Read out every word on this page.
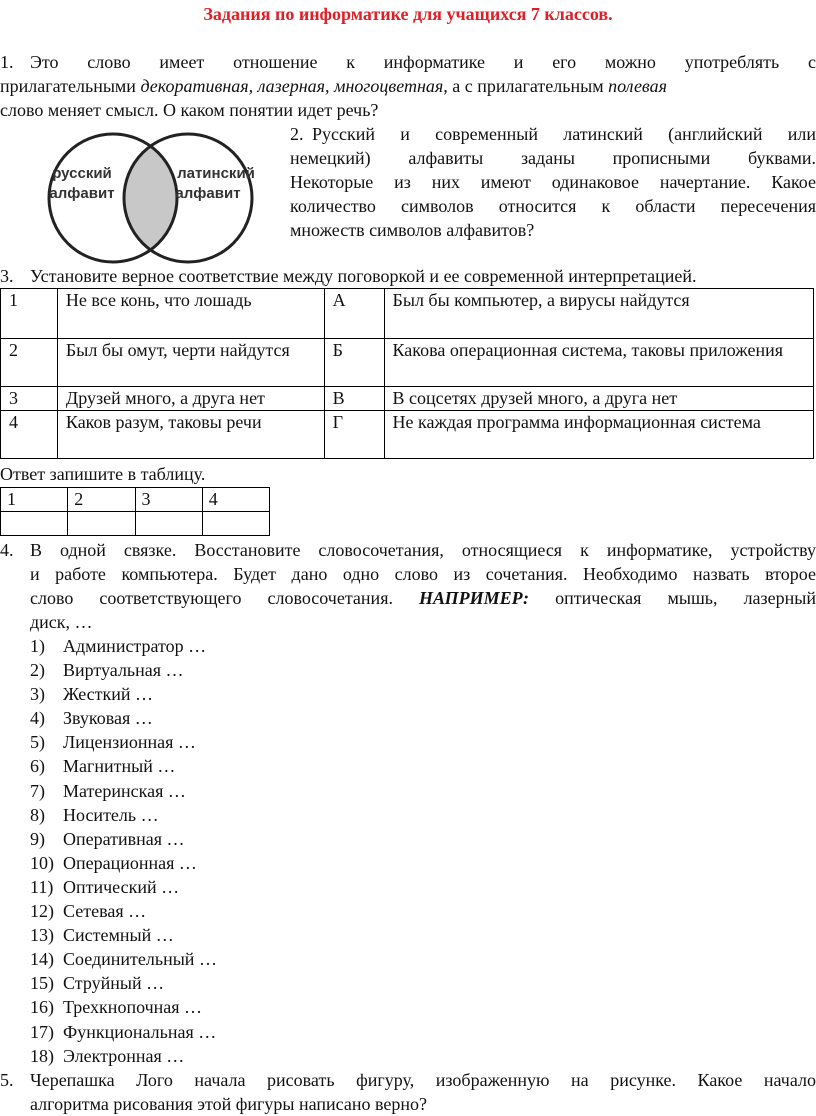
Задания по информатике для учащихся 7 классов.
1. Это слово имеет отношение к информатике и его можно употреблять с
прилагательными декоративная, лазерная, многоцветная, а с прилагательным полевая
слово меняет смысл. О каком понятии идет речь?
русский
алфавит
латинский
алфавит
2. Русский и современный латинский (английский или
немецкий) алфавиты заданы прописными буквами.
Некоторые из них имеют одинаковое начертание. Какое
количество символов относится к области пересечения
множеств символов алфавитов?
3. Установите верное соответствие между поговоркой и ее современной интерпретацией.
1	Не все конь, что лошадь	А	Был бы компьютер, а вирусы найдутся
2	Был бы омут, черти найдутся	Б	Какова операционная система, таковы приложения
3	Друзей много, а друга нет	В	В соцсетях друзей много, а друга нет
4	Каков разум, таковы речи	Г	Не каждая программа информационная система
Ответ запишите в таблицу.
1	2	3	4

4. В одной связке. Восстановите словосочетания, относящиеся к информатике, устройству
и работе компьютера. Будет дано одно слово из сочетания. Необходимо назвать второе
слово соответствующего словосочетания. НАПРИМЕР: оптическая мышь, лазерный
диск, …
1)	Администратор …
2)	Виртуальная …
3)	Жесткий …
4)	Звуковая …
5)	Лицензионная …
6)	Магнитный …
7)	Материнская …
8)	Носитель …
9)	Оперативная …
10) Операционная …
11) Оптический …
12) Сетевая …
13) Системный …
14) Соединительный …
15) Струйный …
16) Трехкнопочная …
17) Функциональная …
18) Электронная …
5. Черепашка Лого начала рисовать фигуру, изображенную на рисунке. Какое начало
алгоритма рисования этой фигуры написано верно?
